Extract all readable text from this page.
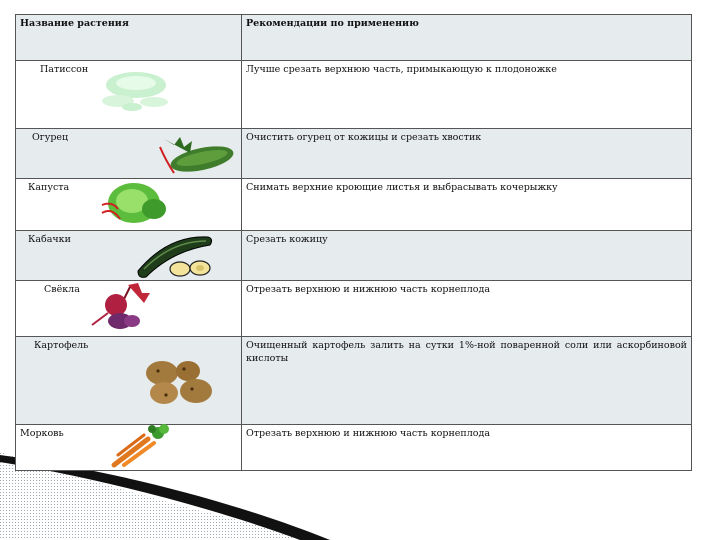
Название растения	Рекомендации по применению

Патиссон	Лучше срезать верхнюю часть, примыкающую к плодоножке

Огурец	Очистить огурец от кожицы и срезать хвостик

Капуста	Снимать верхние кроющие листья и выбрасывать кочерыжку

Кабачки	Срезать кожицу

Свёкла	Отрезать верхнюю и нижнюю часть корнеплода

Картофель	Очищенный картофель залить на сутки 1%-ной поваренной соли или аскорбиновой кислоты

Морковь	Отрезать верхнюю и нижнюю часть корнеплода
